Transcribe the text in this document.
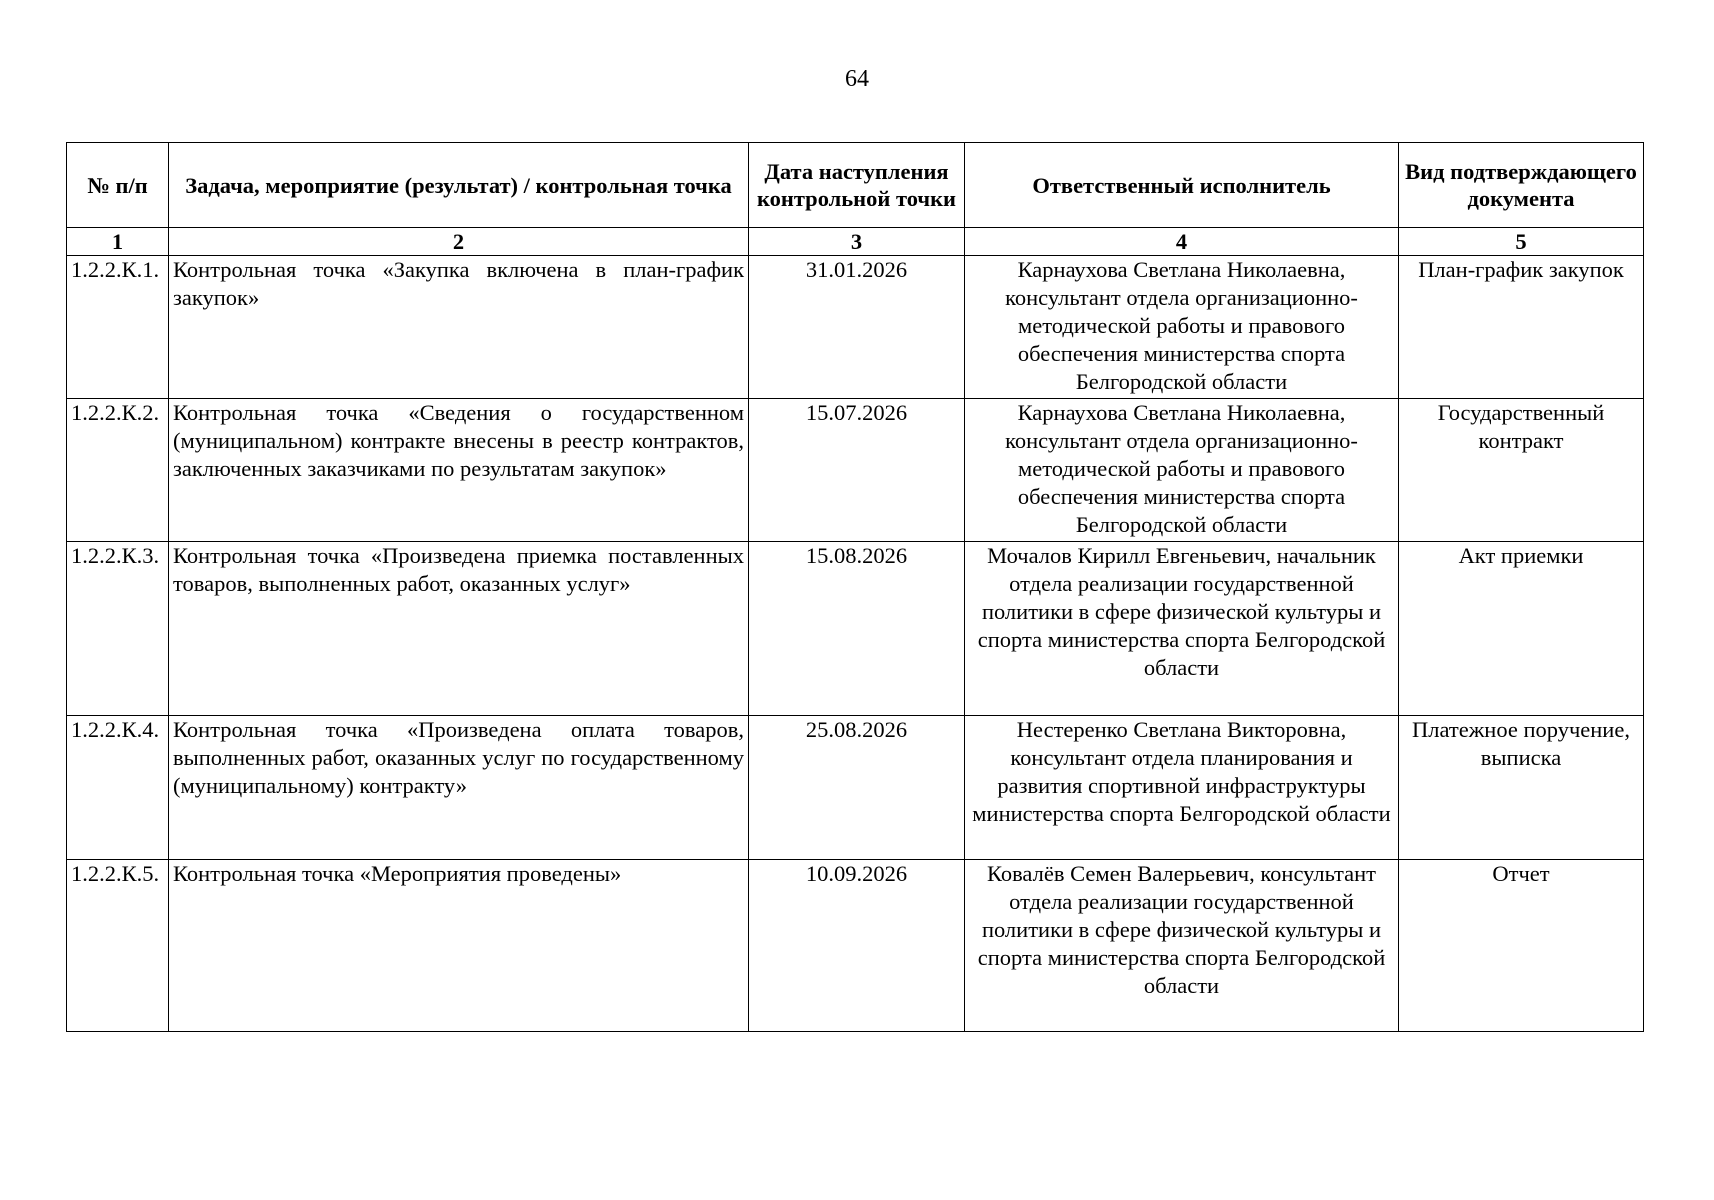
64
№ п/п	Задача, мероприятие (результат) / контрольная точка	Дата наступления контрольной точки	Ответственный исполнитель	Вид подтверждающего документа
1	2	3	4	5
1.2.2.К.1.	Контрольная точка «Закупка включена в план-график закупок»	31.01.2026	Карнаухова Светлана Николаевна, консультант отдела организационно-методической работы и правового обеспечения министерства спорта Белгородской области	План-график закупок
1.2.2.К.2.	Контрольная точка «Сведения о государственном (муниципальном) контракте внесены в реестр контрактов, заключенных заказчиками по результатам закупок»	15.07.2026	Карнаухова Светлана Николаевна, консультант отдела организационно-методической работы и правового обеспечения министерства спорта Белгородской области	Государственный контракт
1.2.2.К.3.	Контрольная точка «Произведена приемка поставленных товаров, выполненных работ, оказанных услуг»	15.08.2026	Мочалов Кирилл Евгеньевич, начальник отдела реализации государственной политики в сфере физической культуры и спорта министерства спорта Белгородской области	Акт приемки
1.2.2.К.4.	Контрольная точка «Произведена оплата товаров, выполненных работ, оказанных услуг по государственному (муниципальному) контракту»	25.08.2026	Нестеренко Светлана Викторовна, консультант отдела планирования и развития спортивной инфраструктуры министерства спорта Белгородской области	Платежное поручение, выписка
1.2.2.К.5.	Контрольная точка «Мероприятия проведены»	10.09.2026	Ковалёв Семен Валерьевич, консультант отдела реализации государственной политики в сфере физической культуры и спорта министерства спорта Белгородской области	Отчет
